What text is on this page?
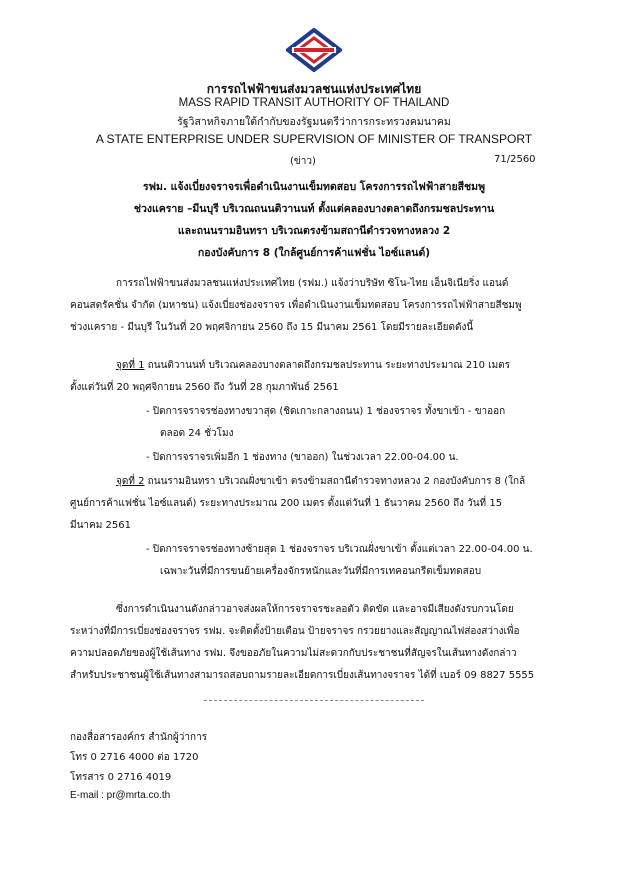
การรถไฟฟ้าขนส่งมวลชนแห่งประเทศไทย
MASS RAPID TRANSIT AUTHORITY OF THAILAND
รัฐวิสาหกิจภายใต้กำกับของรัฐมนตรีว่าการกระทรวงคมนาคม
A STATE ENTERPRISE UNDER SUPERVISION OF MINISTER OF TRANSPORT
(ข่าว)	71/2560
รฟม. แจ้งเบี่ยงจราจรเพื่อดำเนินงานเข็มทดสอบ โครงการรถไฟฟ้าสายสีชมพู
ช่วงแคราย –มีนบุรี บริเวณถนนติวานนท์ ตั้งแต่คลองบางตลาดถึงกรมชลประทาน
และถนนรามอินทรา บริเวณตรงข้ามสถานีตำรวจทางหลวง 2
กองบังคับการ 8 (ใกล้ศูนย์การค้าแฟชั่น ไอซ์แลนด์)
การรถไฟฟ้าขนส่งมวลชนแห่งประเทศไทย (รฟม.) แจ้งว่าบริษัท ซิโน-ไทย เอ็นจิเนียริ่ง แอนด์
คอนสตรัคชั่น จำกัด (มหาชน) แจ้งเบี่ยงช่องจราจร เพื่อดำเนินงานเข็มทดสอบ โครงการรถไฟฟ้าสายสีชมพู
ช่วงแคราย - มีนบุรี ในวันที่ 20 พฤศจิกายน 2560 ถึง 15 มีนาคม 2561 โดยมีรายละเอียดดังนี้
จุดที่ 1 ถนนติวานนท์ บริเวณคลองบางตลาดถึงกรมชลประทาน ระยะทางประมาณ 210 เมตร
ตั้งแต่วันที่ 20 พฤศจิกายน 2560 ถึง วันที่ 28 กุมภาพันธ์ 2561
- ปิดการจราจรช่องทางขวาสุด (ชิดเกาะกลางถนน) 1 ช่องจราจร ทั้งขาเข้า - ขาออก
ตลอด 24 ชั่วโมง
- ปิดการจราจรเพิ่มอีก 1 ช่องทาง (ขาออก) ในช่วงเวลา 22.00-04.00 น.
จุดที่ 2 ถนนรามอินทรา บริเวณฝั่งขาเข้า ตรงข้ามสถานีตำรวจทางหลวง 2 กองบังคับการ 8 (ใกล้
ศูนย์การค้าแฟชั่น ไอซ์แลนด์) ระยะทางประมาณ 200 เมตร ตั้งแต่วันที่ 1 ธันวาคม 2560 ถึง วันที่ 15
มีนาคม 2561
- ปิดการจราจรช่องทางซ้ายสุด 1 ช่องจราจร บริเวณฝั่งขาเข้า ตั้งแต่เวลา 22.00-04.00 น.
เฉพาะวันที่มีการขนย้ายเครื่องจักรหนักและวันที่มีการเทคอนกรีตเข็มทดสอบ
ซึ่งการดำเนินงานดังกล่าวอาจส่งผลให้การจราจรชะลอตัว ติดขัด และอาจมีเสียงดังรบกวนโดย
ระหว่างที่มีการเบี่ยงช่องจราจร รฟม. จะติดตั้งป้ายเตือน ป้ายจราจร กรวยยางและสัญญาณไฟส่องสว่างเพื่อ
ความปลอดภัยของผู้ใช้เส้นทาง รฟม. จึงขออภัยในความไม่สะดวกกับประชาชนที่สัญจรในเส้นทางดังกล่าว
สำหรับประชาชนผู้ใช้เส้นทางสามารถสอบถามรายละเอียดการเบี่ยงเส้นทางจราจร ได้ที่ เบอร์ 09 8827 5555
กองสื่อสารองค์กร สำนักผู้ว่าการ
โทร 0 2716 4000 ต่อ 1720
โทรสาร 0 2716 4019
E-mail : pr@mrta.co.th
